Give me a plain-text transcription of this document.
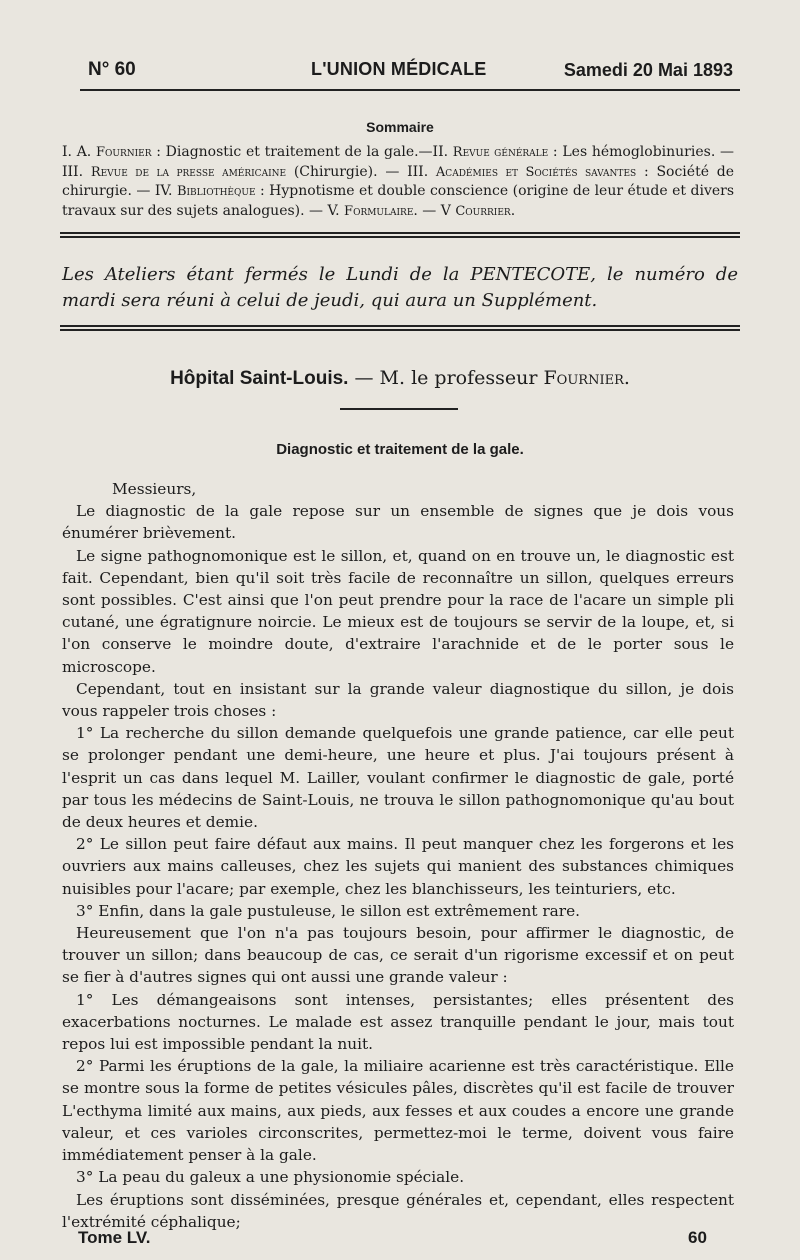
N° 60	L'UNION MÉDICALE	Samedi 20 Mai 1893
Sommaire
I. A. Fournier : Diagnostic et traitement de la gale.—II. Revue générale : Les hémoglobinuries. — III. Revue de la presse américaine (Chirurgie). — III. Académies et Sociétés savantes : Société de chirurgie. — IV. Bibliothèque : Hypnotisme et double conscience (origine de leur étude et divers travaux sur des sujets analogues). — V. Formulaire. — V Courrier.
Les Ateliers étant fermés le Lundi de la PENTECOTE, le numéro de mardi sera réuni à celui de jeudi, qui aura un Supplément.
Hôpital Saint-Louis. — M. le professeur Fournier.
Diagnostic et traitement de la gale.

Messieurs,

Le diagnostic de la gale repose sur un ensemble de signes que je dois vous énumérer brièvement.

Le signe pathognomonique est le sillon, et, quand on en trouve un, le diagnostic est fait. Cependant, bien qu'il soit très facile de reconnaître un sillon, quelques erreurs sont possibles. C'est ainsi que l'on peut prendre pour la race de l'acare un simple pli cutané, une égratignure noircie. Le mieux est de toujours se servir de la loupe, et, si l'on conserve le moindre doute, d'extraire l'arachnide et de le porter sous le microscope.

Cependant, tout en insistant sur la grande valeur diagnostique du sillon, je dois vous rappeler trois choses :

1° La recherche du sillon demande quelquefois une grande patience, car elle peut se prolonger pendant une demi-heure, une heure et plus. J'ai toujours présent à l'esprit un cas dans lequel M. Lailler, voulant confirmer le diagnostic de gale, porté par tous les médecins de Saint-Louis, ne trouva le sillon pathognomonique qu'au bout de deux heures et demie.

2° Le sillon peut faire défaut aux mains. Il peut manquer chez les forgerons et les ouvriers aux mains calleuses, chez les sujets qui manient des substances chimiques nuisibles pour l'acare; par exemple, chez les blanchisseurs, les teinturiers, etc.

3° Enfin, dans la gale pustuleuse, le sillon est extrêmement rare.

Heureusement que l'on n'a pas toujours besoin, pour affirmer le diagnostic, de trouver un sillon; dans beaucoup de cas, ce serait d'un rigorisme excessif et on peut se fier à d'autres signes qui ont aussi une grande valeur :

1° Les démangeaisons sont intenses, persistantes; elles présentent des exacerbations nocturnes. Le malade est assez tranquille pendant le jour, mais tout repos lui est impossible pendant la nuit.

2° Parmi les éruptions de la gale, la miliaire acarienne est très caractéristique. Elle se montre sous la forme de petites vésicules pâles, discrètes qu'il est facile de trouver L'ecthyma limité aux mains, aux pieds, aux fesses et aux coudes a encore une grande valeur, et ces varioles circonscrites, permettez-moi le terme, doivent vous faire immédiatement penser à la gale.

3° La peau du galeux a une physionomie spéciale.

Les éruptions sont disséminées, presque générales et, cependant, elles respectent l'extrémité céphalique;

Tome LV.	60
